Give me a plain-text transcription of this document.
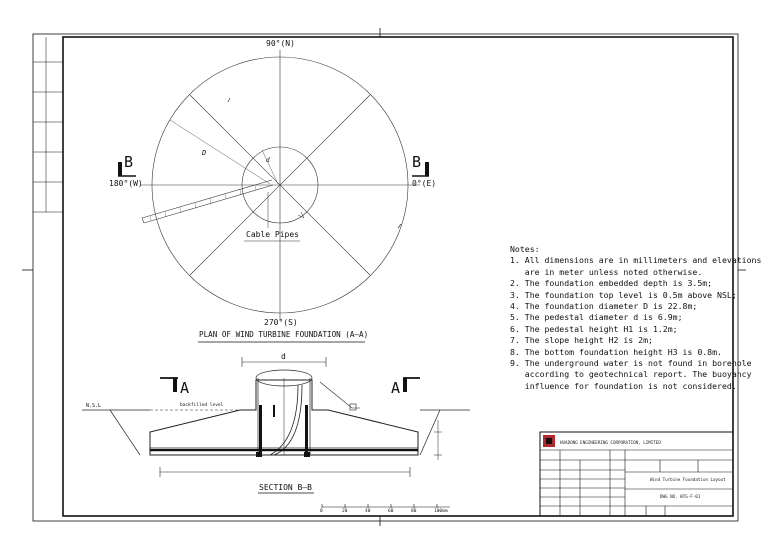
90°(N)
270°(S)
180°(W)	0°(E)
B	B
D
d
Cable Pipes
PLAN OF WIND TURBINE FOUNDATION (A—A)
A	A
d
backfilled level
N.S.L
SECTION B—B
0	20	40	60	80	100mm
Notes:
1. All dimensions are in millimeters and elevations
are in meter unless noted otherwise.
2. The foundation embedded depth is 3.5m;
3. The foundation top level is 0.5m above NSL;
4. The foundation diameter D is 22.8m;
5. The pedestal diameter d is 6.9m;
6. The pedestal height H1 is 1.2m;
7. The slope height H2 is 2m;
8. The bottom foundation height H3 is 0.8m.
9. The underground water is not found in borehole
according to geotechnical report. The buoyancy
influence for foundation is not considered.
HUADONG ENGINEERING CORPORATION, LIMITED
Wind Turbine Foundation Layout
DWG NO. WTG-F-01
